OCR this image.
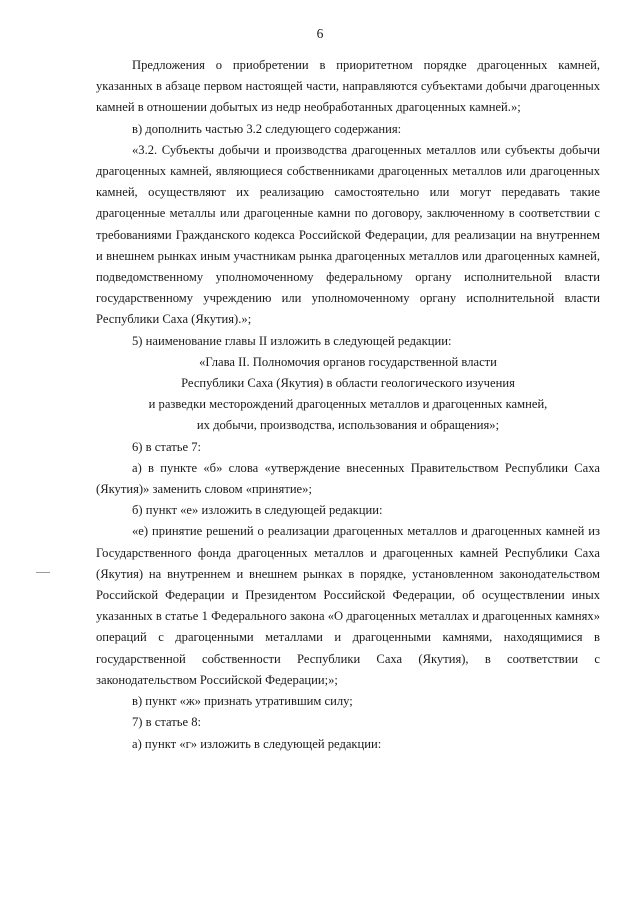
6

Предложения о приобретении в приоритетном порядке драгоценных камней, указанных в абзаце первом настоящей части, направляются субъектами добычи драгоценных камней в отношении добытых из недр необработанных драгоценных камней.»;

в) дополнить частью 3.2 следующего содержания:

«3.2. Субъекты добычи и производства драгоценных металлов или субъекты добычи драгоценных камней, являющиеся собственниками драгоценных металлов или драгоценных камней, осуществляют их реализацию самостоятельно или могут передавать такие драгоценные металлы или драгоценные камни по договору, заключенному в соответствии с требованиями Гражданского кодекса Российской Федерации, для реализации на внутреннем и внешнем рынках иным участникам рынка драгоценных металлов или драгоценных камней, подведомственному уполномоченному федеральному органу исполнительной власти государственному учреждению или уполномоченному органу исполнительной власти Республики Саха (Якутия).»;

5) наименование главы II изложить в следующей редакции:

«Глава II. Полномочия органов государственной власти

Республики Саха (Якутия) в области геологического изучения

и разведки месторождений драгоценных металлов и драгоценных камней,

их добычи, производства, использования и обращения»;

6) в статье 7:

а) в пункте «б» слова «утверждение внесенных Правительством Республики Саха (Якутия)» заменить словом «принятие»;

б) пункт «е» изложить в следующей редакции:

«е) принятие решений о реализации драгоценных металлов и драгоценных камней из Государственного фонда драгоценных металлов и драгоценных камней Республики Саха (Якутия) на внутреннем и внешнем рынках в порядке, установленном законодательством Российской Федерации и Президентом Российской Федерации, об осуществлении иных указанных в статье 1 Федерального закона «О драгоценных металлах и драгоценных камнях» операций с драгоценными металлами и драгоценными камнями, находящимися в государственной собственности Республики Саха (Якутия), в соответствии с законодательством Российской Федерации;»;

в) пункт «ж» признать утратившим силу;

7) в статье 8:

а) пункт «г» изложить в следующей редакции:
